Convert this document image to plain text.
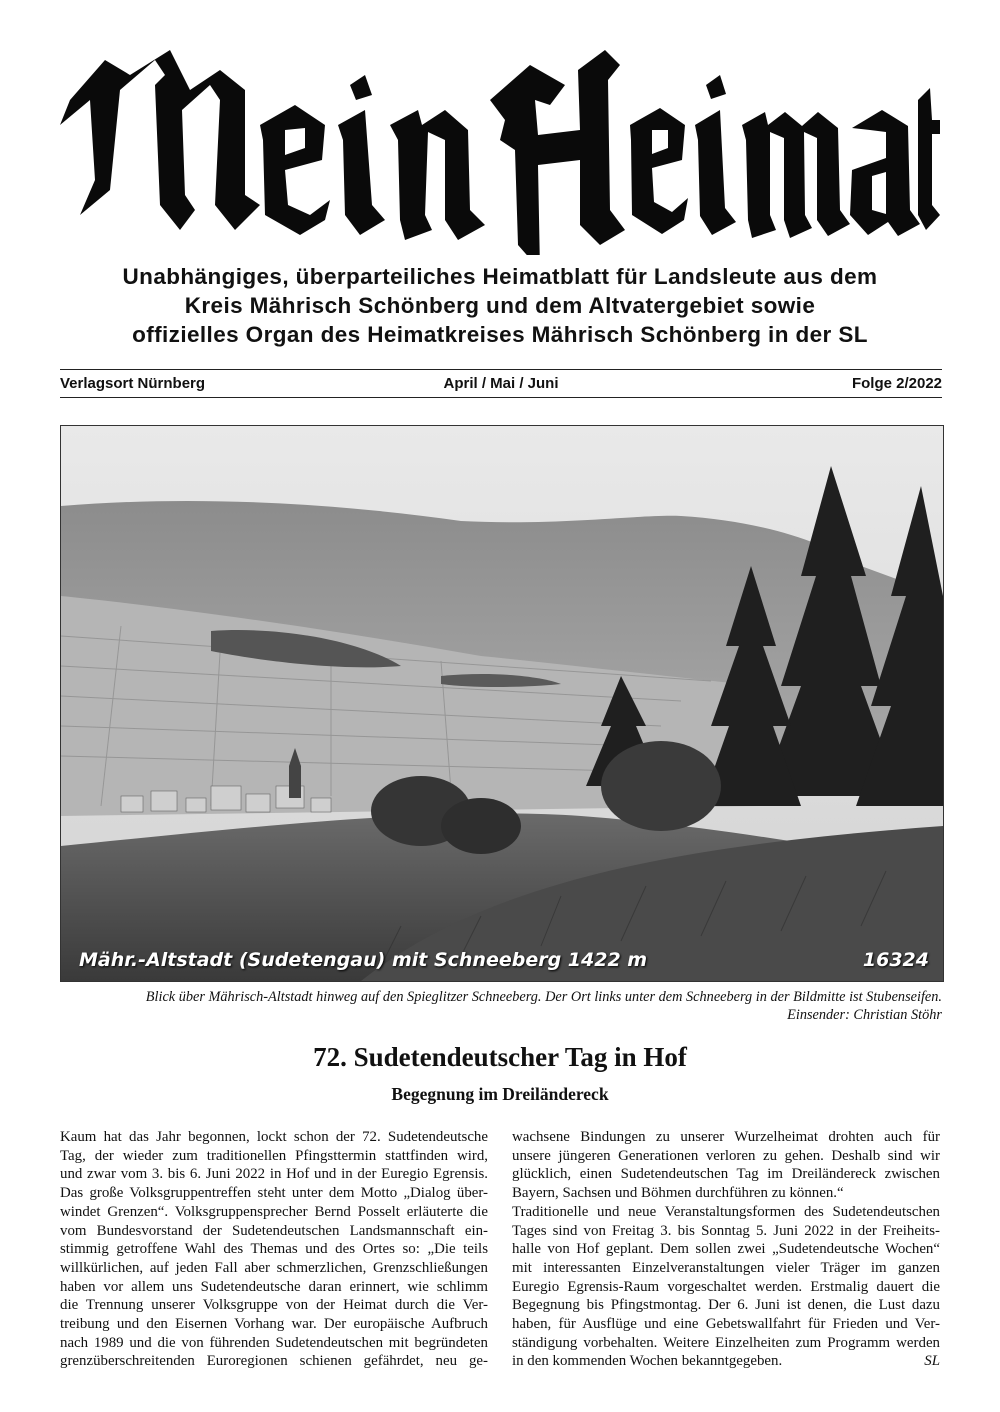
Unabhängiges, überparteiliches Heimatblatt für Landsleute aus dem
Kreis Mährisch Schönberg und dem Altvatergebiet sowie
offizielles Organ des Heimatkreises Mährisch Schönberg in der SL
Verlagsort Nürnberg	April / Mai / Juni	Folge 2/2022
Mähr.-Altstadt (Sudetengau) mit Schneeberg 1422 m	16324
Blick über Mährisch-Altstadt hinweg auf den Spieglitzer Schneeberg. Der Ort links unter dem Schneeberg in der Bildmitte ist Stubenseifen.
Einsender: Christian Stöhr
72. Sudetendeutscher Tag in Hof
Begegnung im Dreiländereck
Kaum hat das Jahr begonnen, lockt schon der 72. Sudetendeutsche
Tag, der wieder zum traditionellen Pfingsttermin stattfinden wird,
und zwar vom 3. bis 6. Juni 2022 in Hof und in der Euregio Egrensis.
Das große Volksgruppentreffen steht unter dem Motto „Dialog über-
windet Grenzen“. Volksgruppensprecher Bernd Posselt erläuterte die
vom Bundesvorstand der Sudetendeutschen Landsmannschaft ein-
stimmig getroffene Wahl des Themas und des Ortes so: „Die teils
willkürlichen, auf jeden Fall aber schmerzlichen, Grenzschließungen
haben vor allem uns Sudetendeutsche daran erinnert, wie schlimm
die Trennung unserer Volksgruppe von der Heimat durch die Ver-
treibung und den Eisernen Vorhang war. Der europäische Aufbruch
nach 1989 und die von führenden Sudetendeutschen mit begründeten
grenzüberschreitenden Euroregionen schienen gefährdet, neu ge-
wachsene Bindungen zu unserer Wurzelheimat drohten auch für
unsere jüngeren Generationen verloren zu gehen. Deshalb sind wir
glücklich, einen Sudetendeutschen Tag im Dreiländereck zwischen
Bayern, Sachsen und Böhmen durchführen zu können.“
Traditionelle und neue Veranstaltungsformen des Sudetendeutschen
Tages sind von Freitag 3. bis Sonntag 5. Juni 2022 in der Freiheits-
halle von Hof geplant. Dem sollen zwei „Sudetendeutsche Wochen“
mit interessanten Einzelveranstaltungen vieler Träger im ganzen
Euregio Egrensis-Raum vorgeschaltet werden. Erstmalig dauert die
Begegnung bis Pfingstmontag. Der 6. Juni ist denen, die Lust dazu
haben, für Ausflüge und eine Gebetswallfahrt für Frieden und Ver-
ständigung vorbehalten. Weitere Einzelheiten zum Programm werden
in den kommenden Wochen bekanntgegeben.	SL
